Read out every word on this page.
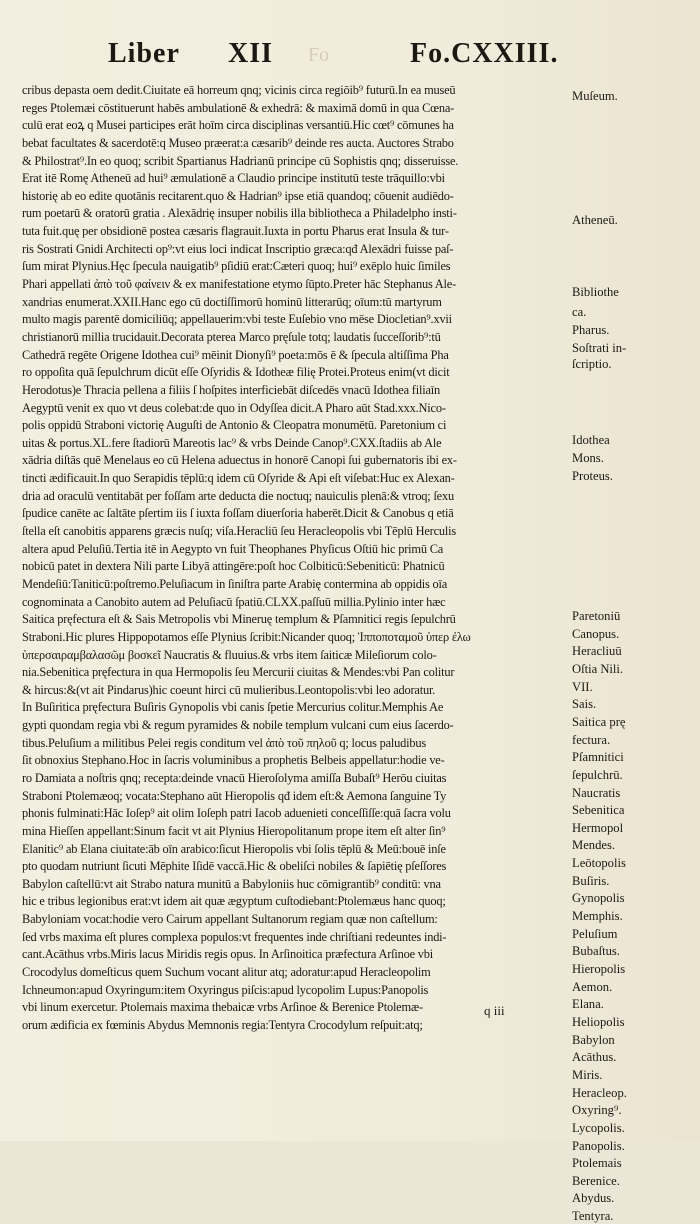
Fo
Liber XII	Fo.CXXIII.
cribus depasta oem dedit.Ciuitate eā horreum qnq; vicinis circa regiōib⁹ futurū.In ea museū
reges Ptolemæi cōstituerunt habēs ambulationē & exhedrā: & maximā domū in qua Cœna-
culū erat eoꝝ q Musei participes erāt hoīm circa disciplinas versantiū.Hic cœt⁹ cōmunes ha
bebat facultates & sacerdotē:q Museo præerat:a cæsarib⁹ deinde res aucta. Auctores Strabo
& Philostrat⁹.In eo quoq; scribit Spartianus Hadrianū principe cū Sophistis qnq; disseruisse.
Erat itē Romę Atheneū ad hui⁹ æmulationē a Claudio principe institutū teste trāquillo:vbi
historię ab eo edite quotānis recitarent.quo & Hadrian⁹ ipse etiā quandoq; cōuenit audiēdo-
rum poetarū & oratorū gratia . Alexādrię insuper nobilis illa bibliotheca a Philadelpho insti-
tuta fuit.quę per obsidionē postea cæsaris flagrauit.Iuxta in portu Pharus erat Insula & tur-
ris Sostrati Gnidi Architecti op⁹:vt eius loci indicat Inscriptio græca:qđ Alexādri fuisse paſ-
ſum mirat Plynius.Hęc ſpecula nauigatib⁹ pſidiū erat:Cæteri quoq; hui⁹ exēplo huic ſimiles
Phari appellati ἀπὸ τοῦ φαίνειν & ex manifestatione etymo ſūpto.Preter hāc Stephanus Ale-
xandrias enumerat.XXII.Hanc ego cū doctiſſimorū hominū litterarūq; oīum:tū martyrum
multo magis parentē domiciliūq; appellauerim:vbi teste Euſebio vno mēse Diocletian⁹.xvii
christianorū millia trucidauit.Decorata pterea Marco pręſule totq; laudatis ſucceſſorib⁹:tū
Cathedrā regēte Origene Idothea cui⁹ mēinit Dionyſi⁹ poeta:mōs ē & ſpecula altiſſima Pha
ro oppoſita quā ſepulchrum dicūt eſſe Oſyridis & Idotheæ filię Protei.Proteus enim(vt dicit
Herodotus)e Thracia pellena a filiis ſ hoſpites interficiebāt diſcedēs vnacū Idothea filiaīn
Aegyptū venit ex quo vt deus colebat:de quo in Odyſſea dicit.A Pharo aūt Stad.xxx.Nico-
polis oppidū Straboni victorię Auguſti de Antonio & Cleopatra monumētū. Paretonium ci
uitas & portus.XL.fere ſtadiorū Mareotis lac⁹ & vrbs Deinde Canop⁹.CXX.ſtadiis ab Ale
xādria diſtās quē Menelaus eo cū Helena aduectus in honorē Canopi ſui gubernatoris ibi ex-
tincti ædificauit.In quo Serapidis tēplū:q idem cū Oſyride & Api eſt viſebat:Huc ex Alexan-
dria ad oraculū ventitabāt per foſſam arte deducta die noctuq; nauiculis plenā:& vtroq; ſexu
ſpudice canēte ac ſaltāte pſertim iis ſ iuxta foſſam diuerſoria haberēt.Dicit & Canobus q etiā
ſtella eſt canobitis apparens græcis nuſq; viſa.Heracliū ſeu Heracleopolis vbi Tēplū Herculis
altera apud Peluſiū.Tertia itē in Aegypto vn fuit Theophanes Phyſicus Oſtiū hic primū Ca
nobicū patet in dextera Nili parte Libyā attingēre:poſt hoc Colbiticū:Sebeniticū: Phatnicū
Mendeſiū:Taniticū:poſtremo.Peluſiacum in ſiniſtra parte Arabię contermina ab oppidis oīa
cognominata a Canobito autem ad Peluſiacū ſpatiū.CLXX.paſſuū millia.Pylinio inter hæc
Saitica pręfectura eſt & Sais Metropolis vbi Mineruę templum & Pſamnitici regis ſepulchrū
Straboni.Hic plures Hippopotamos eſſe Plynius ſcribit:Nicander quoq; Ἱπποποταμοῦ ὑπερ ἐλω
ὑπερσαιραμβαλασῶμ βοσκεῖ Naucratis & fluuius.& vrbs item ſaiticæ Mileſiorum colo-
nia.Sebenitica pręfectura in qua Hermopolis ſeu Mercurii ciuitas & Mendes:vbi Pan colitur
& hircus:&(vt ait Pindarus)hic coeunt hirci cū mulieribus.Leontopolis:vbi leo adoratur.
In Buſiritica pręfectura Buſiris Gynopolis vbi canis ſpetie Mercurius colitur.Memphis Ae
gypti quondam regia vbi & regum pyramides & nobile templum vulcani cum eius ſacerdo-
tibus.Peluſium a militibus Pelei regis conditum vel ἀπὸ τοῦ πηλοῦ q; locus paludibus
ſit obnoxius Stephano.Hoc in ſacris voluminibus a prophetis Belbeis appellatur:hodie ve-
ro Damiata a noſtris qnq; recepta:deinde vnacū Hieroſolyma amiſſa Bubaſt⁹ Herōu ciuitas
Straboni Ptolemæoq; vocata:Stephano aūt Hieropolis qđ idem eſt:& Aemona ſanguine Ty
phonis fulminati:Hāc Ioſep⁹ ait olim Ioſeph patri Iacob aduenieti conceſſiſſe:quā ſacra volu
mina Hieſſen appellant:Sinum facit vt ait Plynius Hieropolitanum prope item eſt alter ſin⁹
Elanitic⁹ ab Elana ciuitate:āb oīn arabico:ſicut Hieropolis vbi ſolis tēplū & Meū:bouē inſe
pto quodam nutriunt ſicuti Mēphite Iſidē vaccā.Hic & obeliſci nobiles & ſapiētię pſeſſores
Babylon caſtellū:vt ait Strabo natura munitū a Babyloniis huc cōmigrantib⁹ conditū: vna
hic e tribus legionibus erat:vt idem ait quæ ægyptum cuſtodiebant:Ptolemæus hanc quoq;
Babyloniam vocat:hodie vero Cairum appellant Sultanorum regiam quæ non caſtellum:
ſed vrbs maxima eſt plures complexa populos:vt frequentes inde chriſtiani redeuntes indi-
cant.Acāthus vrbs.Miris lacus Miridis regis opus. In Arſinoitica præfectura Arſinoe vbi
Crocodylus domeſticus quem Suchum vocant alitur atq; adoratur:apud Heracleopolim
Ichneumon:apud Oxyringum:item Oxyringus piſcis:apud lycopolim Lupus:Panopolis
vbi linum exercetur. Ptolemais maxima thebaicæ vrbs Arſinoe & Berenice Ptolemæ-
orum ædificia ex fœminis Abydus Memnonis regia:Tentyra Crocodylum reſpuit:atq;
Muſeum.
Atheneū.
Bibliothe
ca.
Pharus.
Soſtrati in-
ſcriptio.
Idothea
Mons.
Proteus.
Paretoniū
Canopus.
Heracliuū
Oſtia Nili.
VII.
Sais.
Saitica prę
fectura.
Pſamnitici
ſepulchrū.
Naucratis
Sebenitica
Hermopol
Mendes.
Leōtopolis
Buſiris.
Gynopolis
Memphis.
Peluſium
Bubaſtus.
Hieropolis
Aemon.
Elana.
Heliopolis
Babylon
Acāthus.
Miris.
Heracleop.
Oxyring⁹.
Lycopolis.
Panopolis.
Ptolemais
Berenice.
Abydus.
Tentyra.
q iii
